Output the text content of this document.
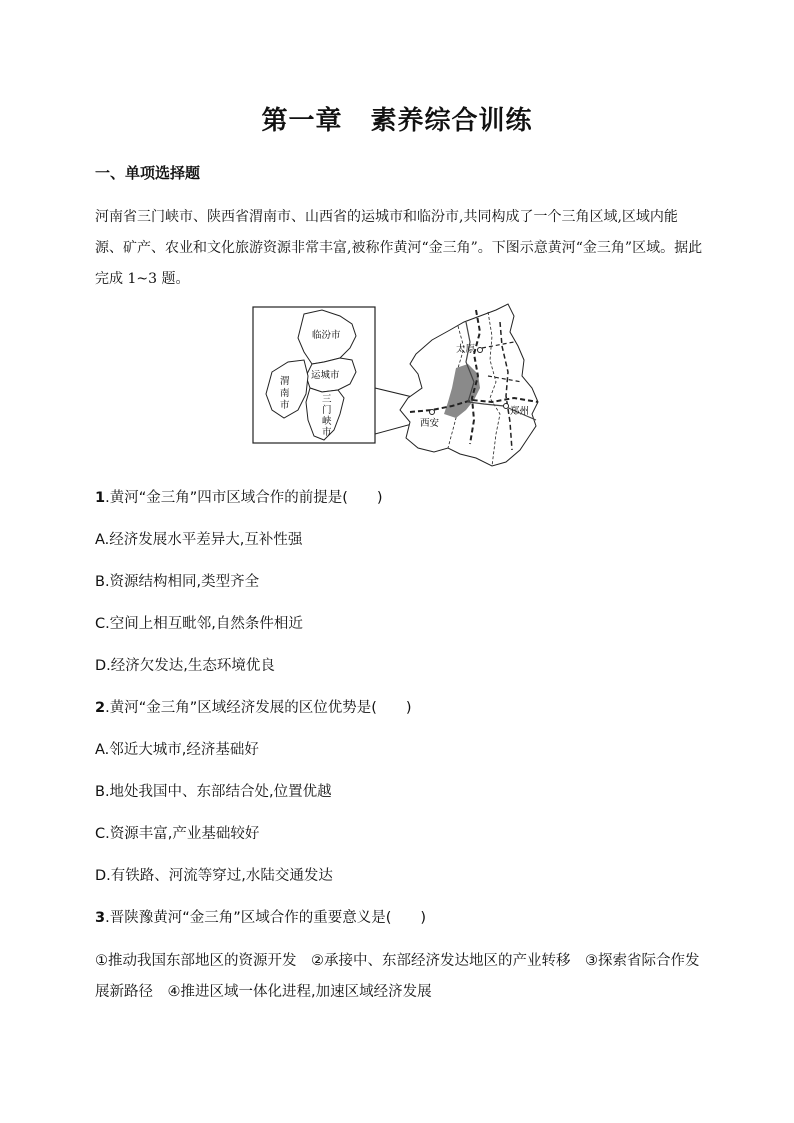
第一章 素养综合训练
一、单项选择题
河南省三门峡市、陕西省渭南市、山西省的运城市和临汾市,共同构成了一个三角区域,区域内能源、矿产、农业和文化旅游资源非常丰富,被称作黄河“金三角”。下图示意黄河“金三角”区域。据此完成 1~3 题。
临汾市
运城市
渭
南
市
三
门
峡
市
太原
西安
郑州
1.黄河“金三角”四市区域合作的前提是(　　)
A.经济发展水平差异大,互补性强
B.资源结构相同,类型齐全
C.空间上相互毗邻,自然条件相近
D.经济欠发达,生态环境优良
2.黄河“金三角”区域经济发展的区位优势是(　　)
A.邻近大城市,经济基础好
B.地处我国中、东部结合处,位置优越
C.资源丰富,产业基础较好
D.有铁路、河流等穿过,水陆交通发达
3.晋陕豫黄河“金三角”区域合作的重要意义是(　　)
①推动我国东部地区的资源开发　②承接中、东部经济发达地区的产业转移　③探索省际合作发展新路径　④推进区域一体化进程,加速区域经济发展
